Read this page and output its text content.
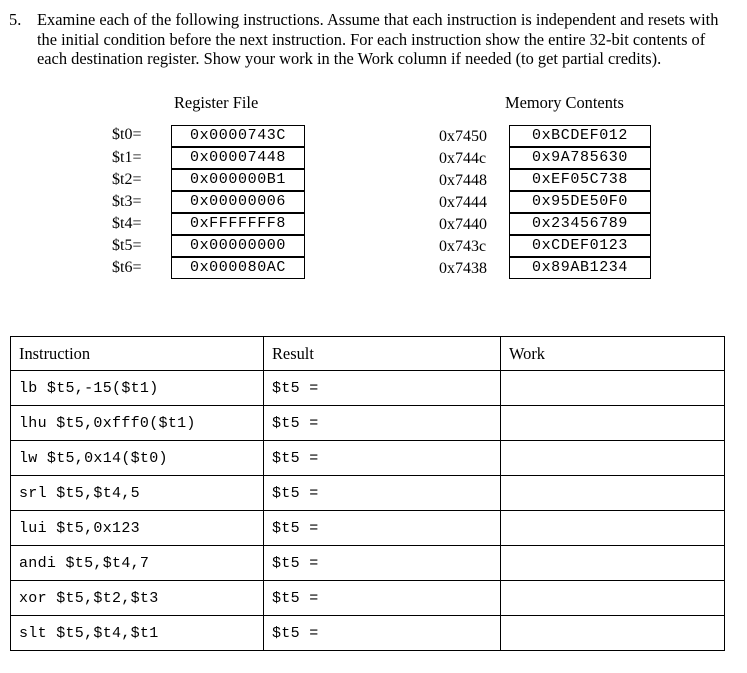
5. Examine each of the following instructions. Assume that each instruction is independent and resets with the initial condition before the next instruction. For each instruction show the entire 32-bit contents of each destination register. Show your work in the Work column if needed (to get partial credits).
Register File	Memory Contents
$t0=	0x0000743C
$t1=	0x00007448
$t2=	0x000000B1
$t3=	0x00000006
$t4=	0xFFFFFFF8
$t5=	0x00000000
$t6=	0x000080AC
0x7450	0xBCDEF012
0x744c	0x9A785630
0x7448	0xEF05C738
0x7444	0x95DE50F0
0x7440	0x23456789
0x743c	0xCDEF0123
0x7438	0x89AB1234
Instruction	Result	Work
lb $t5,-15($t1)	$t5 =	
lhu $t5,0xfff0($t1)	$t5 =	
lw $t5,0x14($t0)	$t5 =	
srl $t5,$t4,5	$t5 =	
lui $t5,0x123	$t5 =	
andi $t5,$t4,7	$t5 =	
xor $t5,$t2,$t3	$t5 =	
slt $t5,$t4,$t1	$t5 =	
